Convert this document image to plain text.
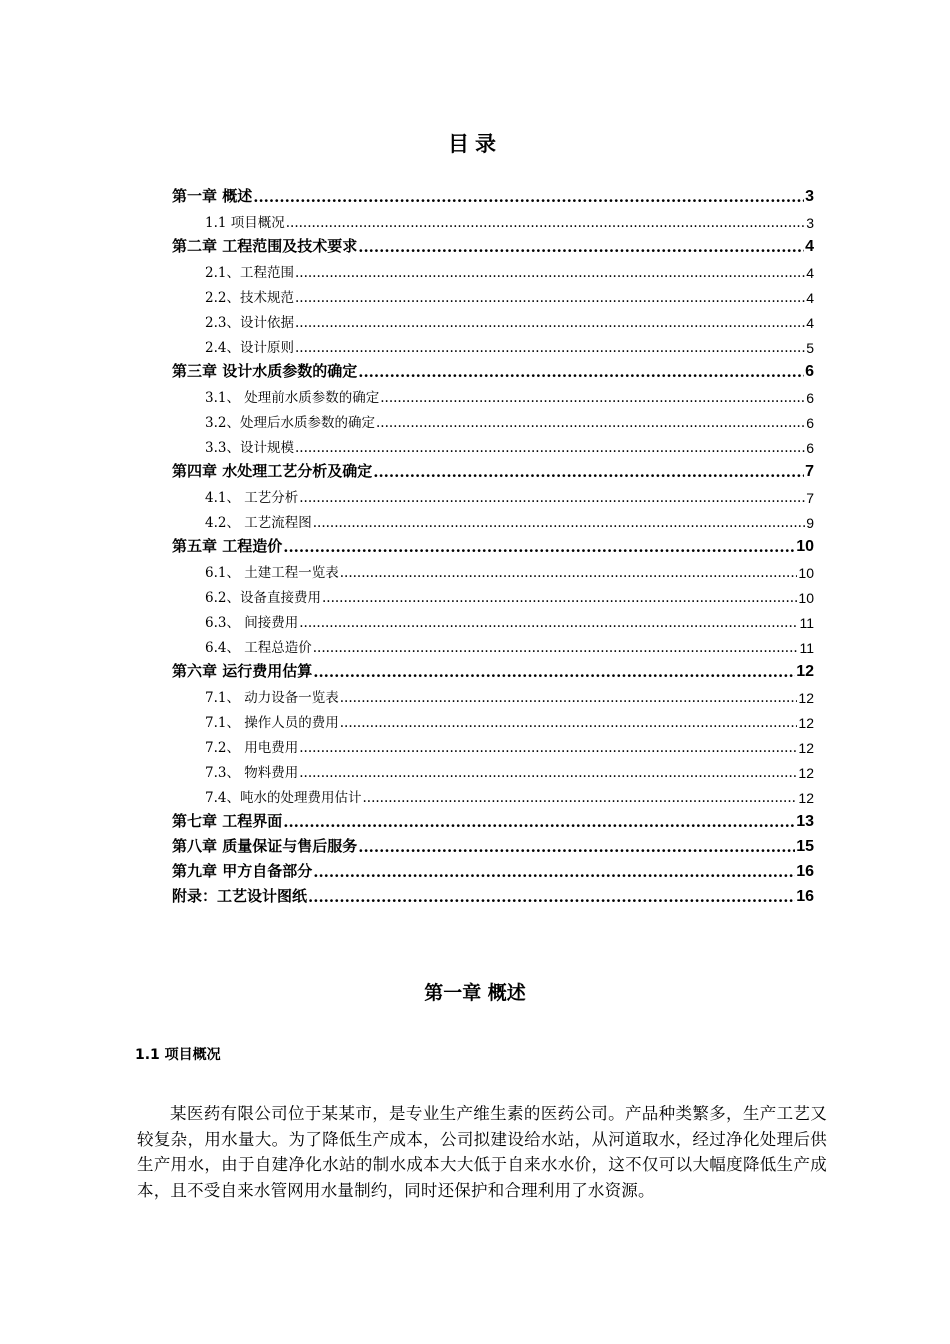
目录
第一章 概述 .....	3
1.1 项目概况 .....	3
第二章 工程范围及技术要求 .....	4
2.1、工程范围 .....	4
2.2、技术规范 .....	4
2.3、设计依据 .....	4
2.4、设计原则 .....	5
第三章 设计水质参数的确定 .....	6
3.1、 处理前水质参数的确定 .....	6
3.2、处理后水质参数的确定 .....	6
3.3、设计规模 .....	6
第四章 水处理工艺分析及确定 .....	7
4.1、 工艺分析 .....	7
4.2、 工艺流程图 .....	9
第五章 工程造价 .....	10
6.1、 土建工程一览表 .....	10
6.2、设备直接费用 .....	10
6.3、 间接费用 .....	11
6.4、 工程总造价 .....	11
第六章 运行费用估算 .....	12
7.1、 动力设备一览表 .....	12
7.1、 操作人员的费用 .....	12
7.2、 用电费用 .....	12
7.3、 物料费用 .....	12
7.4、吨水的处理费用估计 .....	12
第七章 工程界面 .....	13
第八章 质量保证与售后服务 .....	15
第九章 甲方自备部分 .....	16
附录：工艺设计图纸 .....	16
第一章 概述
1.1 项目概况
某医药有限公司位于某某市，是专业生产维生素的医药公司。产品种类繁多，生产工艺又较复杂，用水量大。为了降低生产成本，公司拟建设给水站，从河道取水，经过净化处理后供生产用水，由于自建净化水站的制水成本大大低于自来水水价，这不仅可以大幅度降低生产成本，且不受自来水管网用水量制约，同时还保护和合理利用了水资源。
